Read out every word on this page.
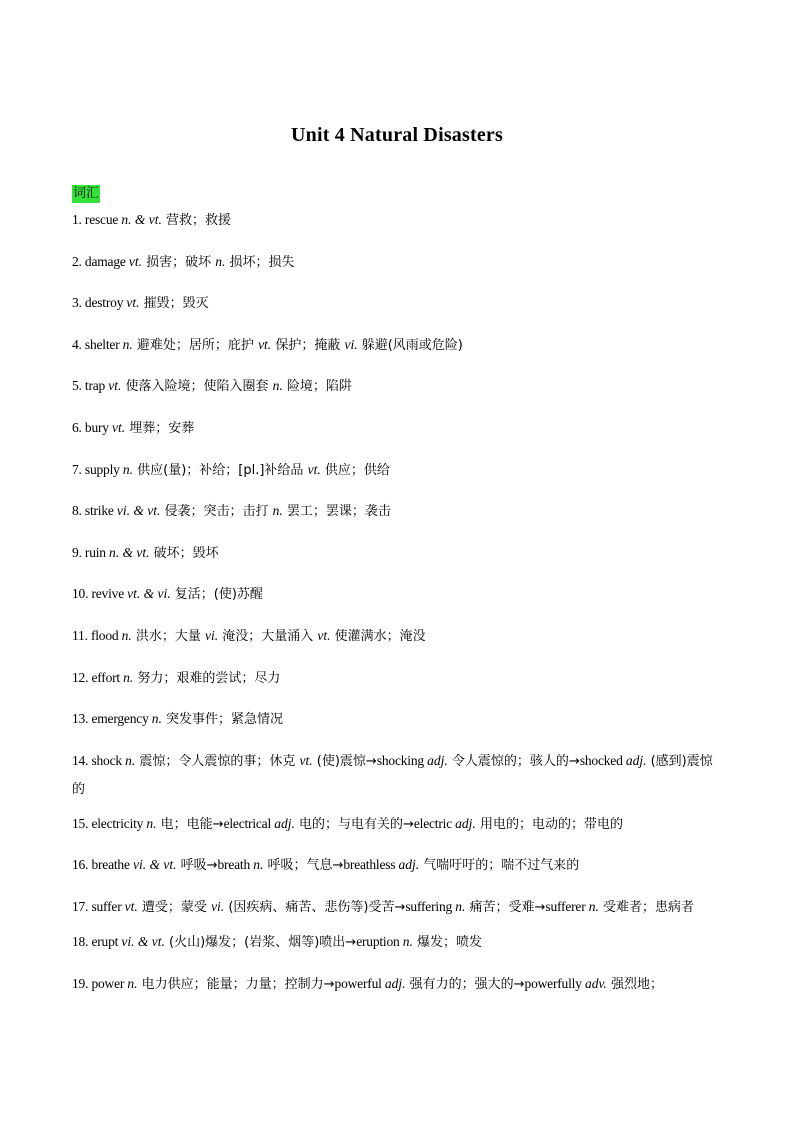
Unit 4 Natural Disasters
词汇
1. rescue n. & vt. 营救；救援
2. damage vt. 损害；破坏 n. 损坏；损失
3. destroy vt. 摧毁；毁灭
4. shelter n. 避难处；居所；庇护 vt. 保护；掩蔽 vi. 躲避(风雨或危险)
5. trap vt. 使落入险境；使陷入圈套 n. 险境；陷阱
6. bury vt. 埋葬；安葬
7. supply n. 供应(量)；补给；[pl.]补给品 vt. 供应；供给
8. strike vi. & vt. 侵袭；突击；击打 n. 罢工；罢课；袭击
9. ruin n. & vt. 破坏；毁坏
10. revive vt. & vi. 复活；(使)苏醒
11. flood n. 洪水；大量 vi. 淹没；大量涌入 vt. 使灌满水；淹没
12. effort n. 努力；艰难的尝试；尽力
13. emergency n. 突发事件；紧急情况
14. shock n. 震惊；令人震惊的事；休克 vt. (使)震惊→shocking adj. 令人震惊的；骇人的→shocked adj. (感到)震惊的
15. electricity n. 电；电能→electrical adj. 电的；与电有关的→electric adj. 用电的；电动的；带电的
16. breathe vi. & vt. 呼吸→breath n. 呼吸；气息→breathless adj. 气喘吁吁的；喘不过气来的
17. suffer vt. 遭受；蒙受 vi. (因疾病、痛苦、悲伤等)受苦→suffering n. 痛苦；受难→sufferer n. 受难者；患病者
18. erupt vi. & vt. (火山)爆发；(岩浆、烟等)喷出→eruption n. 爆发；喷发
19. power n. 电力供应；能量；力量；控制力→powerful adj. 强有力的；强大的→powerfully adv. 强烈地；
